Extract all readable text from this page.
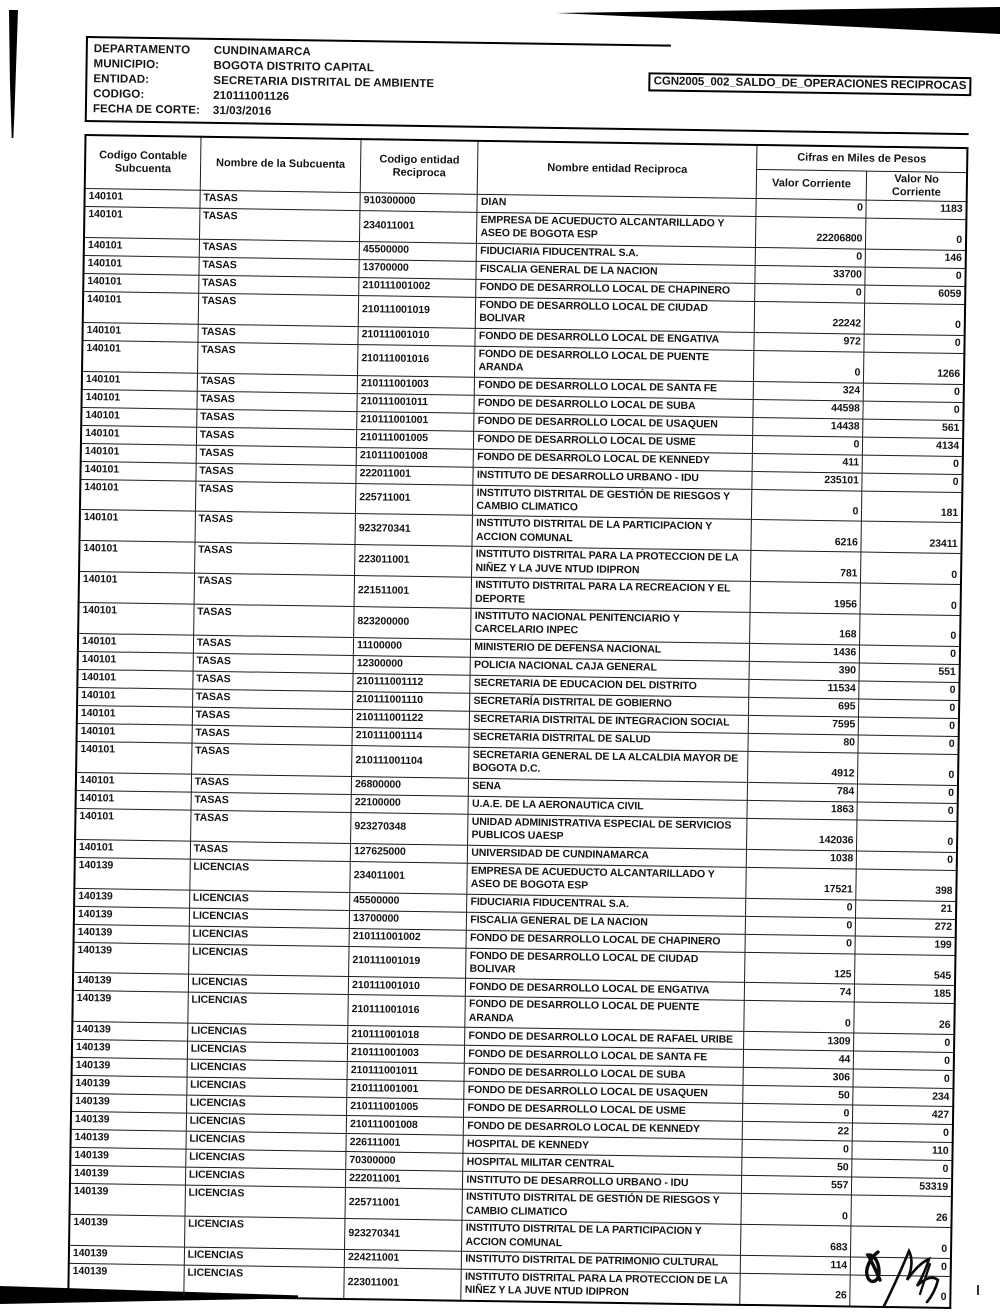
DEPARTAMENTO	CUNDINAMARCA
MUNICIPIO:	BOGOTA DISTRITO CAPITAL
ENTIDAD:	SECRETARIA DISTRITAL DE AMBIENTE
CODIGO:	210111001126
FECHA DE CORTE:	31/03/2016
CGN2005_002_SALDO_DE_OPERACIONES RECIPROCAS
Codigo Contable Subcuenta	Nombre de la Subcuenta	Codigo entidad Reciproca	Nombre entidad Reciproca	Cifras en Miles de Pesos	
				Valor Corriente	Valor No Corriente
140101	TASAS	910300000	DIAN	0	1183
140101	TASAS	234011001	EMPRESA DE ACUEDUCTO ALCANTARILLADO Y ASEO DE BOGOTA ESP	22206800	0
140101	TASAS	45500000	FIDUCIARIA FIDUCENTRAL S.A.	0	146
140101	TASAS	13700000	FISCALIA GENERAL DE LA NACION	33700	0
140101	TASAS	210111001002	FONDO DE DESARROLLO LOCAL DE CHAPINERO	0	6059
140101	TASAS	210111001019	FONDO DE DESARROLLO LOCAL DE CIUDAD BOLIVAR	22242	0
140101	TASAS	210111001010	FONDO DE DESARROLLO LOCAL DE ENGATIVA	972	0
140101	TASAS	210111001016	FONDO DE DESARROLLO LOCAL DE PUENTE ARANDA	0	1266
140101	TASAS	210111001003	FONDO DE DESARROLLO LOCAL DE SANTA FE	324	0
140101	TASAS	210111001011	FONDO DE DESARROLLO LOCAL DE SUBA	44598	0
140101	TASAS	210111001001	FONDO DE DESARROLLO LOCAL DE USAQUEN	14438	561
140101	TASAS	210111001005	FONDO DE DESARROLLO LOCAL DE USME	0	4134
140101	TASAS	210111001008	FONDO DE DESARROLO LOCAL DE KENNEDY	411	0
140101	TASAS	222011001	INSTITUTO DE DESARROLLO URBANO - IDU	235101	0
140101	TASAS	225711001	INSTITUTO DISTRITAL DE GESTIÓN DE RIESGOS Y CAMBIO CLIMATICO	0	181
140101	TASAS	923270341	INSTITUTO DISTRITAL DE LA PARTICIPACION Y ACCION COMUNAL	6216	23411
140101	TASAS	223011001	INSTITUTO DISTRITAL PARA LA PROTECCION DE LA NIÑEZ Y LA JUVE NTUD IDIPRON	781	0
140101	TASAS	221511001	INSTITUTO DISTRITAL PARA LA RECREACION Y EL DEPORTE	1956	0
140101	TASAS	823200000	INSTITUTO NACIONAL PENITENCIARIO Y CARCELARIO INPEC	168	0
140101	TASAS	11100000	MINISTERIO DE DEFENSA NACIONAL	1436	0
140101	TASAS	12300000	POLICIA NACIONAL CAJA GENERAL	390	551
140101	TASAS	210111001112	SECRETARIA DE EDUCACION DEL DISTRITO	11534	0
140101	TASAS	210111001110	SECRETARÍA DISTRITAL DE GOBIERNO	695	0
140101	TASAS	210111001122	SECRETARIA DISTRITAL DE INTEGRACION SOCIAL	7595	0
140101	TASAS	210111001114	SECRETARIA DISTRITAL DE SALUD	80	0
140101	TASAS	210111001104	SECRETARIA GENERAL DE LA ALCALDIA MAYOR DE BOGOTA D.C.	4912	0
140101	TASAS	26800000	SENA	784	0
140101	TASAS	22100000	U.A.E. DE LA AERONAUTICA CIVIL	1863	0
140101	TASAS	923270348	UNIDAD ADMINISTRATIVA ESPECIAL DE SERVICIOS PUBLICOS UAESP	142036	0
140101	TASAS	127625000	UNIVERSIDAD DE CUNDINAMARCA	1038	0
140139	LICENCIAS	234011001	EMPRESA DE ACUEDUCTO ALCANTARILLADO Y ASEO DE BOGOTA ESP	17521	398
140139	LICENCIAS	45500000	FIDUCIARIA FIDUCENTRAL S.A.	0	21
140139	LICENCIAS	13700000	FISCALIA GENERAL DE LA NACION	0	272
140139	LICENCIAS	210111001002	FONDO DE DESARROLLO LOCAL DE CHAPINERO	0	199
140139	LICENCIAS	210111001019	FONDO DE DESARROLLO LOCAL DE CIUDAD BOLIVAR	125	545
140139	LICENCIAS	210111001010	FONDO DE DESARROLLO LOCAL DE ENGATIVA	74	185
140139	LICENCIAS	210111001016	FONDO DE DESARROLLO LOCAL DE PUENTE ARANDA	0	26
140139	LICENCIAS	210111001018	FONDO DE DESARROLLO LOCAL DE RAFAEL URIBE	1309	0
140139	LICENCIAS	210111001003	FONDO DE DESARROLLO LOCAL DE SANTA FE	44	0
140139	LICENCIAS	210111001011	FONDO DE DESARROLLO LOCAL DE SUBA	306	0
140139	LICENCIAS	210111001001	FONDO DE DESARROLLO LOCAL DE USAQUEN	50	234
140139	LICENCIAS	210111001005	FONDO DE DESARROLLO LOCAL DE USME	0	427
140139	LICENCIAS	210111001008	FONDO DE DESARROLO LOCAL DE KENNEDY	22	0
140139	LICENCIAS	226111001	HOSPITAL DE KENNEDY	0	110
140139	LICENCIAS	70300000	HOSPITAL MILITAR CENTRAL	50	0
140139	LICENCIAS	222011001	INSTITUTO DE DESARROLLO URBANO - IDU	557	53319
140139	LICENCIAS	225711001	INSTITUTO DISTRITAL DE GESTIÓN DE RIESGOS Y CAMBIO CLIMATICO	0	26
140139	LICENCIAS	923270341	INSTITUTO DISTRITAL DE LA PARTICIPACION Y ACCION COMUNAL	683	0
140139	LICENCIAS	224211001	INSTITUTO DISTRITAL DE PATRIMONIO CULTURAL	114	0
140139	LICENCIAS	223011001	INSTITUTO DISTRITAL PARA LA PROTECCION DE LA NIÑEZ Y LA JUVE NTUD IDIPRON	26	0
